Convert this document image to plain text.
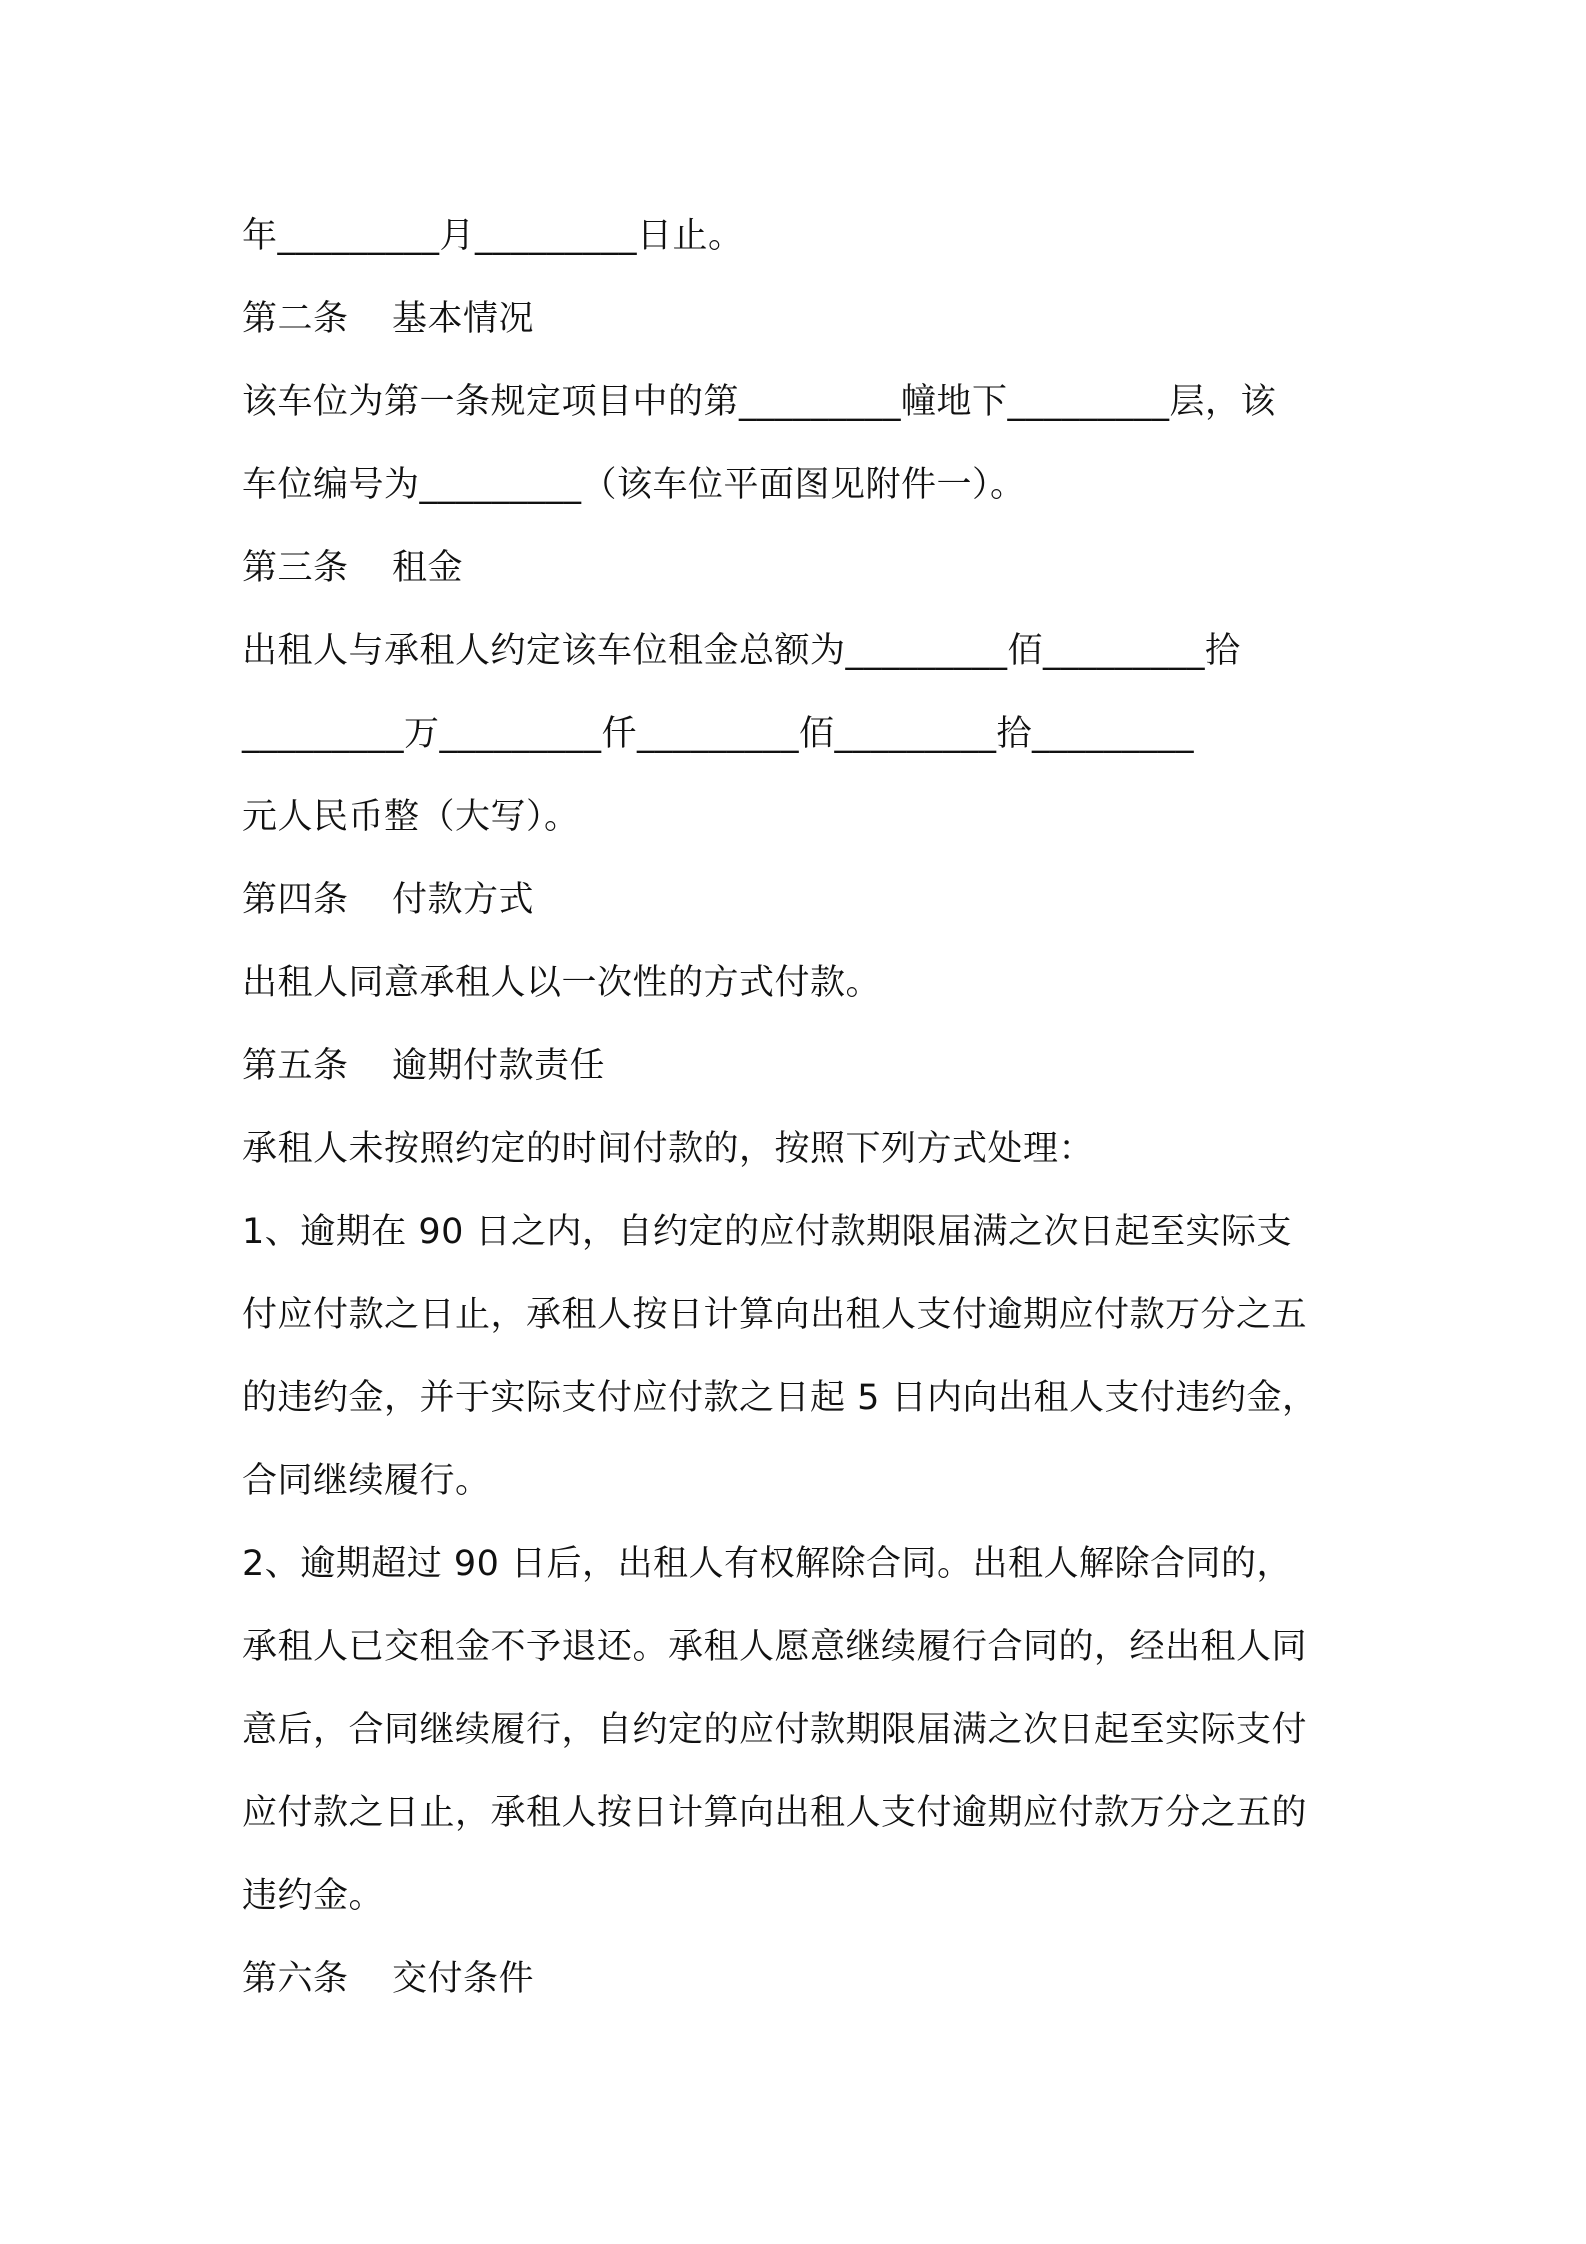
年_________月_________日止。
第二条 基本情况
该车位为第一条规定项目中的第_________幢地下_________层，该
车位编号为_________（该车位平面图见附件一）。
第三条 租金
出租人与承租人约定该车位租金总额为_________佰_________拾
_________万_________仟_________佰_________拾_________
元人民币整（大写）。
第四条 付款方式
出租人同意承租人以一次性的方式付款。
第五条 逾期付款责任
承租人未按照约定的时间付款的，按照下列方式处理：
1、逾期在 90 日之内，自约定的应付款期限届满之次日起至实际支
付应付款之日止，承租人按日计算向出租人支付逾期应付款万分之五
的违约金，并于实际支付应付款之日起 5 日内向出租人支付违约金，
合同继续履行。
2、逾期超过 90 日后，出租人有权解除合同。出租人解除合同的，
承租人已交租金不予退还。承租人愿意继续履行合同的，经出租人同
意后，合同继续履行，自约定的应付款期限届满之次日起至实际支付
应付款之日止，承租人按日计算向出租人支付逾期应付款万分之五的
违约金。
第六条 交付条件
